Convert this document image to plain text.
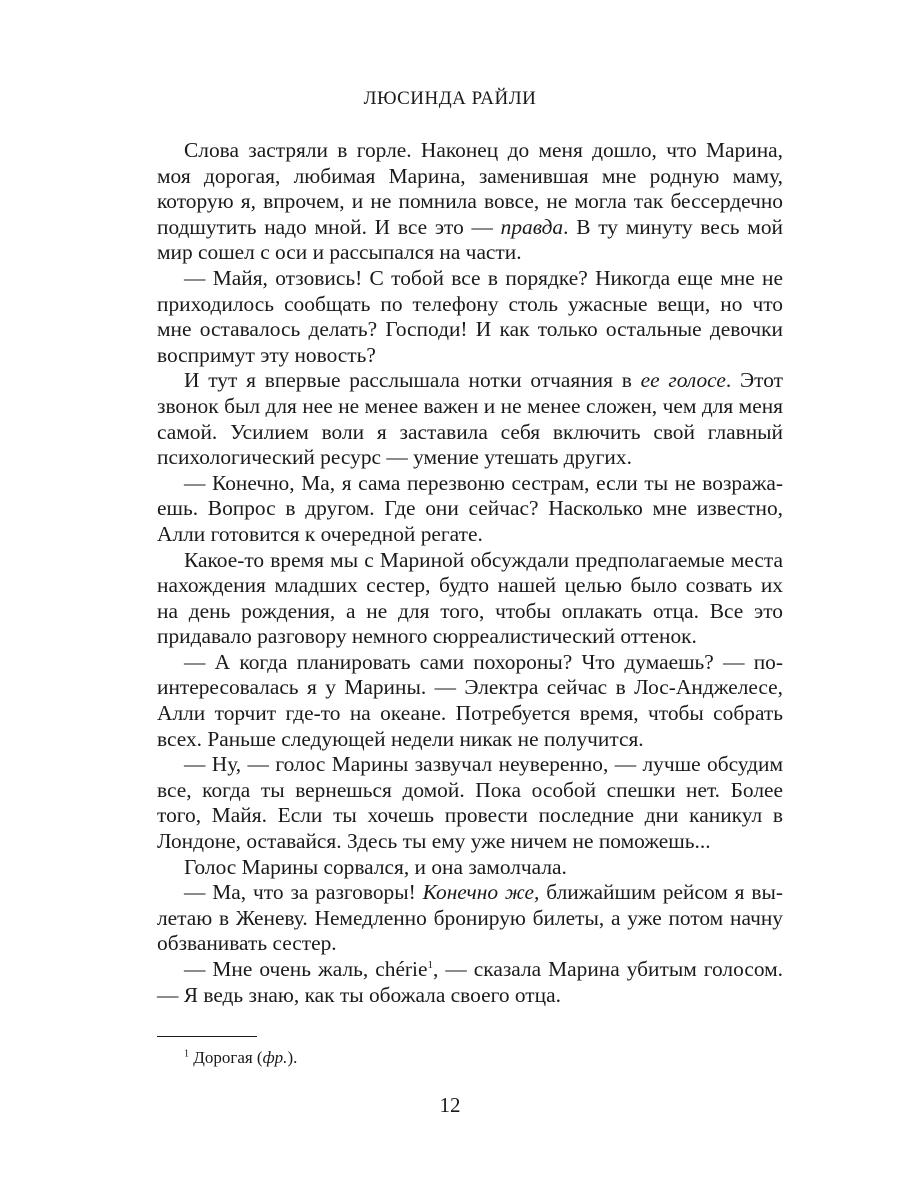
ЛЮСИНДА РАЙЛИ

Слова застряли в горле. Наконец до меня дошло, что Марина, моя дорогая, любимая Марина, заменившая мне родную маму, которую я, впрочем, и не помнила вовсе, не могла так бессердечно подшутить надо мной. И все это — правда. В ту минуту весь мой мир сошел с оси и рассыпался на части.

— Майя, отзовись! С тобой все в порядке? Никогда еще мне не приходилось сообщать по телефону столь ужасные вещи, но что мне оставалось делать? Господи! И как только остальные девочки воспримут эту новость?

И тут я впервые расслышала нотки отчаяния в ее голосе. Этот звонок был для нее не менее важен и не менее сложен, чем для меня самой. Усилием воли я заставила себя включить свой главный психологический ресурс — умение утешать других.

— Конечно, Ма, я сама перезвоню сестрам, если ты не возражаешь. Вопрос в другом. Где они сейчас? Насколько мне известно, Алли готовится к очередной регате.

Какое-то время мы с Мариной обсуждали предполагаемые места нахождения младших сестер, будто нашей целью было созвать их на день рождения, а не для того, чтобы оплакать отца. Все это придавало разговору немного сюрреалистический оттенок.

— А когда планировать сами похороны? Что думаешь? — поинтересовалась я у Марины. — Электра сейчас в Лос-Анджелесе, Алли торчит где-то на океане. Потребуется время, чтобы собрать всех. Раньше следующей недели никак не получится.

— Ну, — голос Марины зазвучал неуверенно, — лучше обсудим все, когда ты вернешься домой. Пока особой спешки нет. Более того, Майя. Если ты хочешь провести последние дни каникул в Лондоне, оставайся. Здесь ты ему уже ничем не поможешь...

Голос Марины сорвался, и она замолчала.

— Ма, что за разговоры! Конечно же, ближайшим рейсом я вылетаю в Женеву. Немедленно бронирую билеты, а уже потом начну обзванивать сестер.

— Мне очень жаль, chérie$^1$, — сказала Марина убитым голосом. — Я ведь знаю, как ты обожала своего отца.

$^1$ Дорогая (фр.).
12
